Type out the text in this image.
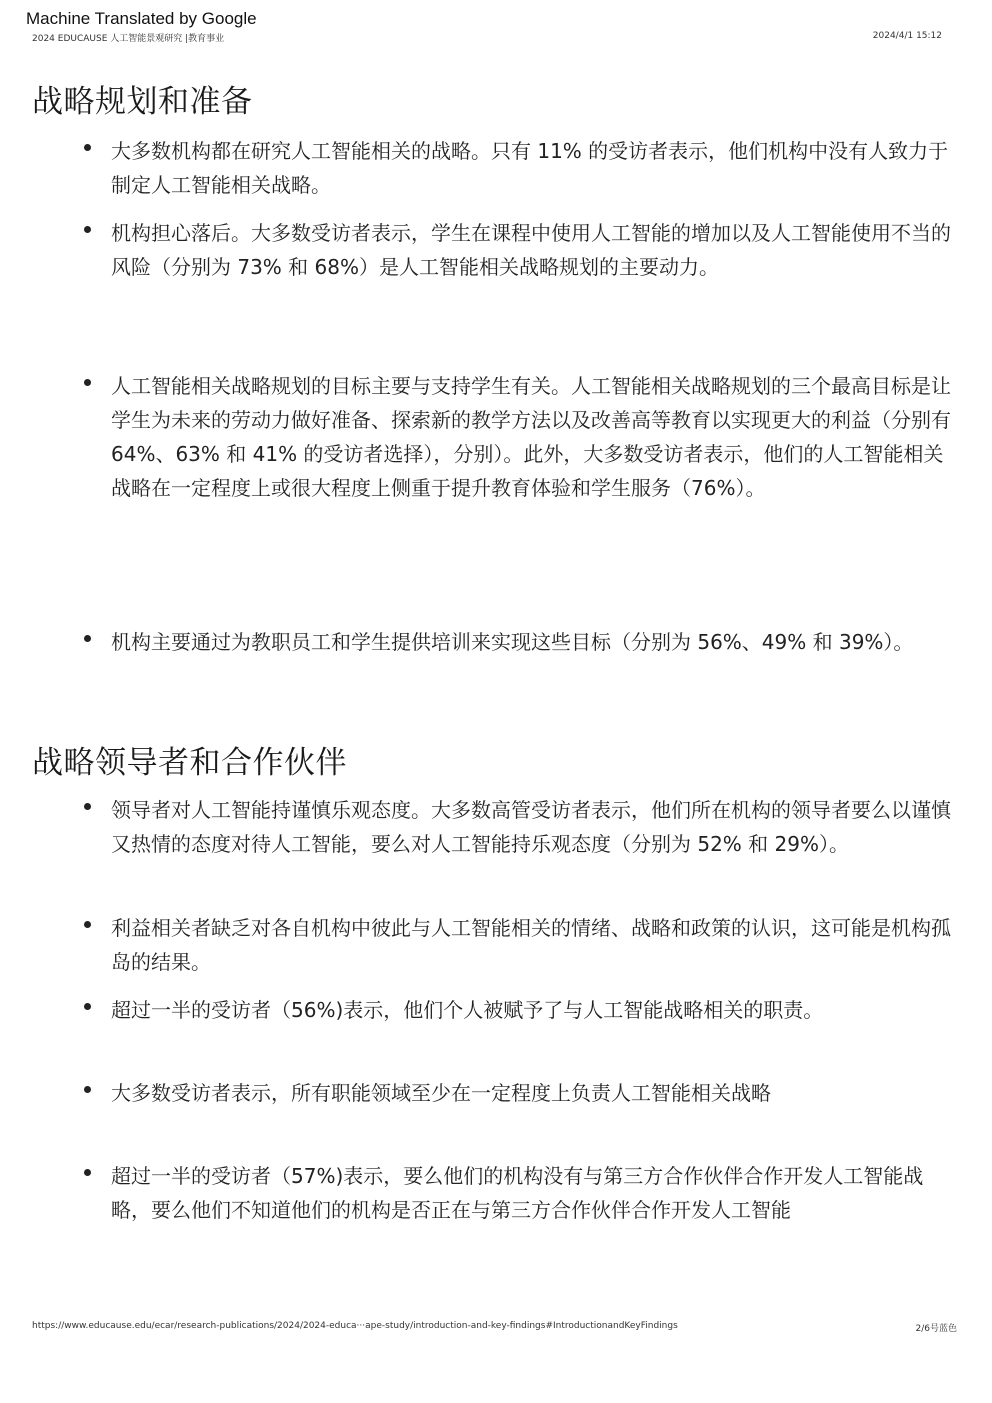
Machine Translated by Google
2024 EDUCAUSE 人工智能景观研究 |教育事业	2024/4/1 15:12
战略规划和准备

大多数机构都在研究人工智能相关的战略。只有 11% 的受访者表示，他们机构中没有人致力于制定人工智能相关战略。

机构担心落后。大多数受访者表示，学生在课程中使用人工智能的增加以及人工智能使用不当的风险（分别为 73% 和 68%）是人工智能相关战略规划的主要动力。

人工智能相关战略规划的目标主要与支持学生有关。人工智能相关战略规划的三个最高目标是让学生为未来的劳动力做好准备、探索新的教学方法以及改善高等教育以实现更大的利益（分别有 64%、63% 和 41% 的受访者选择），分别）。此外，大多数受访者表示，他们的人工智能相关战略在一定程度上或很大程度上侧重于提升教育体验和学生服务（76%）。

机构主要通过为教职员工和学生提供培训来实现这些目标（分别为 56%、49% 和 39%）。

战略领导者和合作伙伴

领导者对人工智能持谨慎乐观态度。大多数高管受访者表示，他们所在机构的领导者要么以谨慎又热情的态度对待人工智能，要么对人工智能持乐观态度（分别为 52% 和 29%）。

利益相关者缺乏对各自机构中彼此与人工智能相关的情绪、战略和政策的认识，这可能是机构孤岛的结果。

超过一半的受访者（56%)表示，他们个人被赋予了与人工智能战略相关的职责。

大多数受访者表示，所有职能领域至少在一定程度上负责人工智能相关战略

超过一半的受访者（57%)表示，要么他们的机构没有与第三方合作伙伴合作开发人工智能战略，要么他们不知道他们的机构是否正在与第三方合作伙伴合作开发人工智能

https://www.educause.edu/ecar/research-publications/2024/2024-educa···ape-study/introduction-and-key-findings#IntroductionandKeyFindings	2/6号蓝色
